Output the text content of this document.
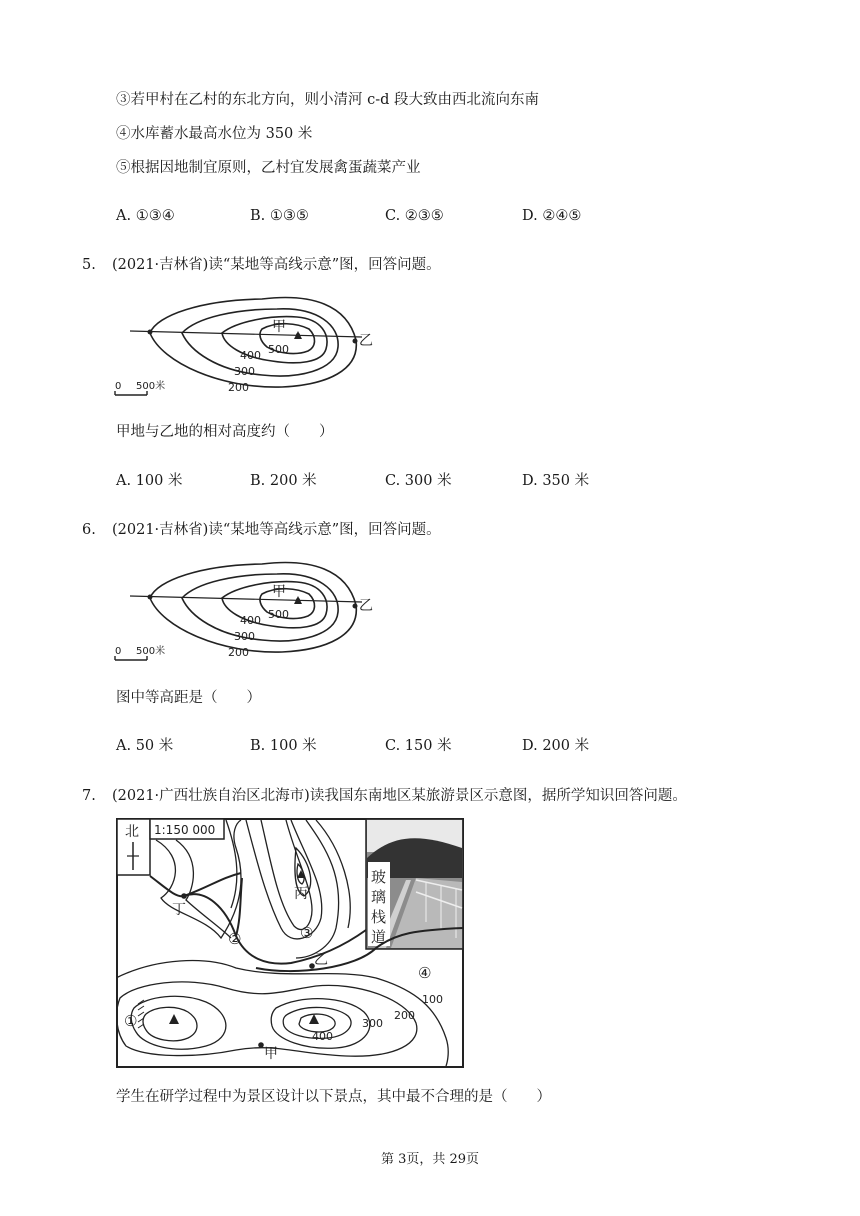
③若甲村在乙村的东北方向，则小清河 c-d 段大致由西北流向东南
④水库蓄水最高水位为 350 米
⑤根据因地制宜原则，乙村宜发展禽蛋蔬菜产业
A. ①③④	B. ①③⑤	C. ②③⑤	D. ②④⑤
5. (2021·吉林省)读“某地等高线示意”图，回答问题。
甲
乙
500
400
300
200
0 500米
甲地与乙地的相对高度约（　　）
A. 100 米	B. 200 米	C. 300 米	D. 350 米
6. (2021·吉林省)读“某地等高线示意”图，回答问题。
甲
乙
500
400
300
200
0 500米
图中等高距是（　　）
A. 50 米	B. 100 米	C. 150 米	D. 200 米
7. (2021·广西壮族自治区北海市)读我国东南地区某旅游景区示意图，据所学知识回答问题。
北 1:150 000
玻
璃
栈
道
丁
丙
乙
甲
①
②	③
④
100
200
300
400
学生在研学过程中为景区设计以下景点，其中最不合理的是（　　）
第 3页，共 29页
